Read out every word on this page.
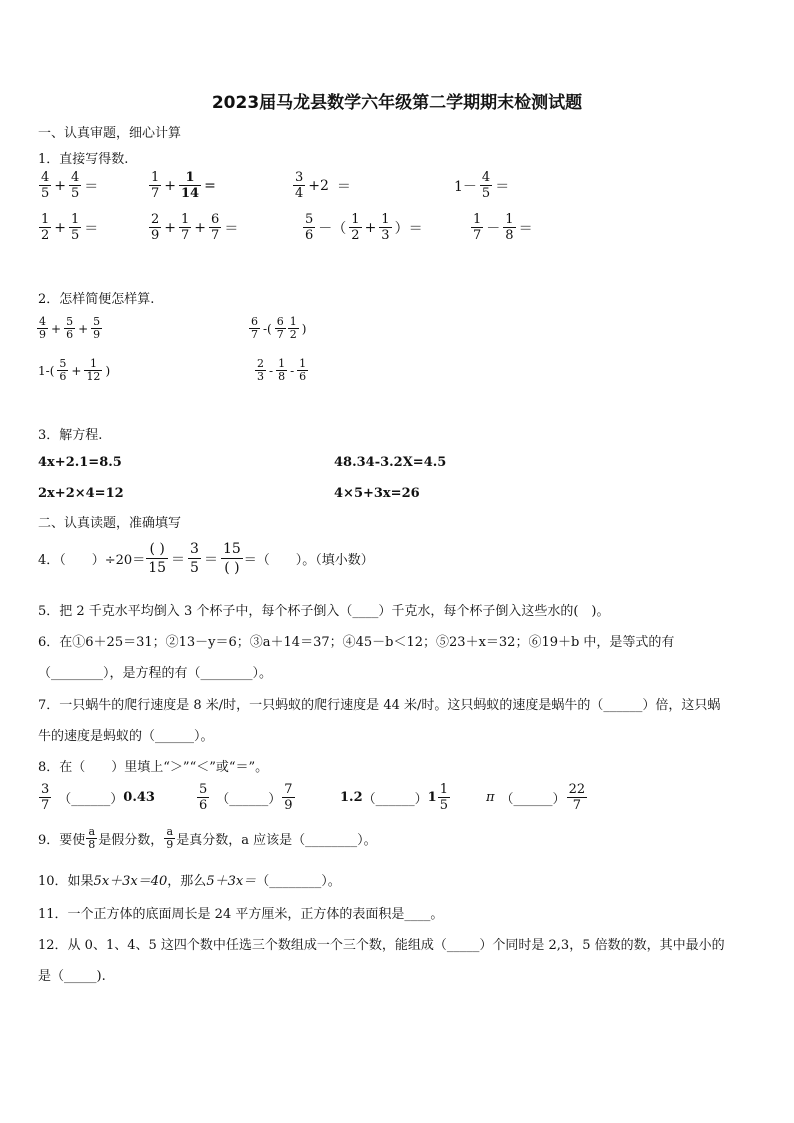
2023届马龙县数学六年级第二学期期末检测试题
一、认真审题，细心计算
1．直接写得数.
$\frac{4}{5} + \frac{4}{5}$ ＝	$\frac{1}{7} + \frac{1}{14}$ =	$\frac{3}{4} +2$ ＝	$1- \frac{4}{5}$ ＝
$\frac{1}{2} + \frac{1}{5}$ ＝	$\frac{2}{9} + \frac{1}{7} + \frac{6}{7}$ ＝	$\frac{5}{6}$ －（ $\frac{1}{2} + \frac{1}{3}$ ）＝	$\frac{1}{7} - \frac{1}{8}$ ＝
2．怎样简便怎样算.
$\frac{4}{9} + \frac{5}{6} + \frac{5}{9}$	$\frac{6}{7}$ -( $\frac{6}{7} \frac{1}{2}$ )
$1-( \frac{5}{6} + \frac{1}{12}$ )	$\frac{2}{3} - \frac{1}{8} - \frac{1}{6}$
3．解方程.
4x+2.1=8.5	48.34-3.2X=4.5
2x+2×4=12	4×5+3x=26
二、认真读题，准确填写
4．（　　）$\div 20= \frac{( )}{15} = \frac{3}{5} = \frac{15}{( )}$ ＝（　　）。（填小数）
5．把 2 千克水平均倒入 3 个杯子中，每个杯子倒入（____）千克水，每个杯子倒入这些水的(　)。
6．在①6＋25＝31；②13－y＝6；③a＋14＝37；④45－b＜12；⑤23＋x＝32；⑥19＋b 中，是等式的有
（________），是方程的有（________）。
7．一只蜗牛的爬行速度是 8 米/时，一只蚂蚁的爬行速度是 44 米/时。这只蚂蚁的速度是蜗牛的（______）倍，这只蜗
牛的速度是蚂蚁的（______）。
8．在（　　）里填上“＞”“＜”或“＝”。
$\frac{3}{7}$ （______） 0.43	$\frac{5}{6}$ （______） $\frac{7}{9}$	1.2 （______） $1 \frac{1}{5}$	π （______） $\frac{22}{7}$
9．要使 $\frac{a}{8}$ 是假分数， $\frac{a}{9}$ 是真分数，a 应该是（________）。
10．如果 5x＋3x＝40 ，那么 5＋3x＝ （________）。
11．一个正方体的底面周长是 24 平方厘米，正方体的表面积是____。
12．从 0、1、4、5 这四个数中任选三个数组成一个三个数，能组成（_____）个同时是 2,3，5 倍数的数，其中最小的
是（_____).
